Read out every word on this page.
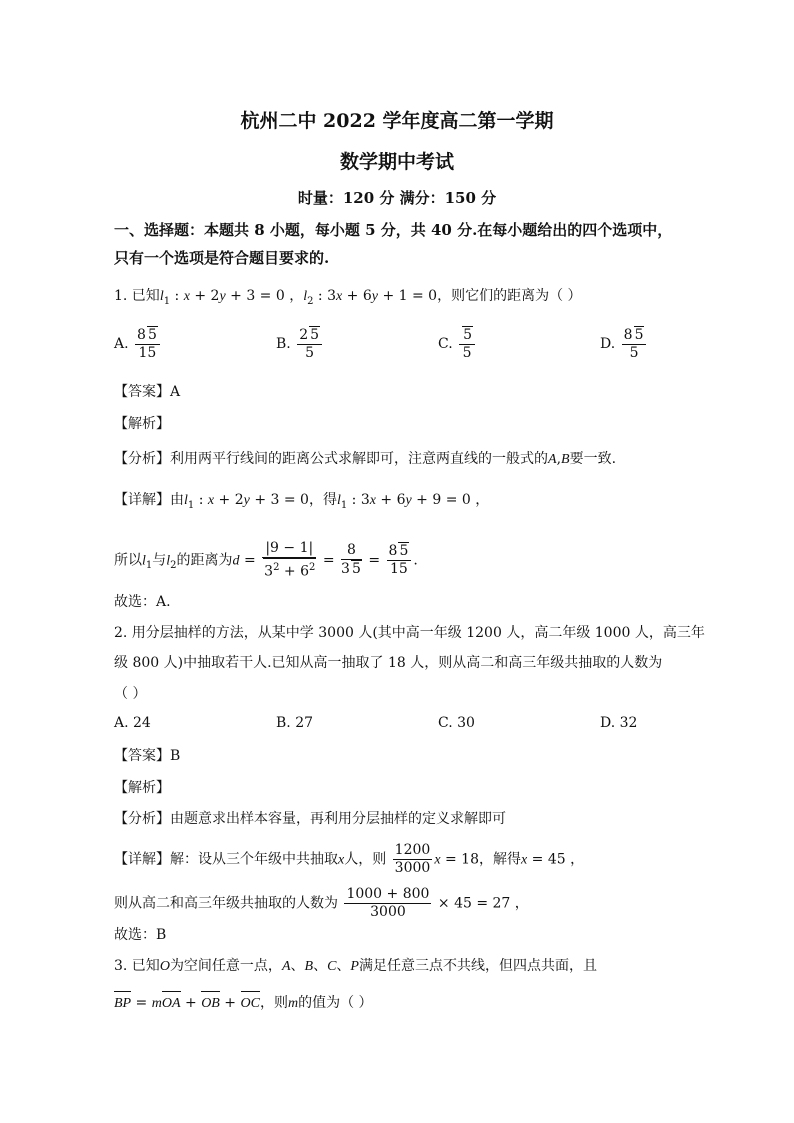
杭州二中 2022 学年度高二第一学期
数学期中考试
时量：120 分 满分：150 分
一、选择题：本题共 8 小题，每小题 5 分，共 40 分.在每小题给出的四个选项中，
只有一个选项是符合题目要求的.
1. 已知$l_1$ : x + 2y + 3 = 0 ，$l_2$ : 3x + 6y + 1 = 0，则它们的距离为（ ）
A. $\frac{8 5}{15}$	B. $\frac{2 5}{5}$	C. $\frac{5}{5}$	D. $\frac{8 5}{5}$
【答案】A
【解析】
【分析】利用两平行线间的距离公式求解即可，注意两直线的一般式的A,B要一致.
【详解】由$l_1$ : x + 2y + 3 = 0，得$l_1$ : 3x + 6y + 9 = 0 ，
所以$l_1$与$l_2$的距离为$d = \frac{|9 - 1|}{3^2 + 6^2} = \frac{8}{3 5} = \frac{8 5}{15}$ .
故选：A.
2. 用分层抽样的方法，从某中学 3000 人(其中高一年级 1200 人，高二年级 1000 人，高三年
级 800 人)中抽取若干人.已知从高一抽取了 18 人，则从高二和高三年级共抽取的人数为
（ ）
A. 24	B. 27	C. 30	D. 32
【答案】B
【解析】
【分析】由题意求出样本容量，再利用分层抽样的定义求解即可
【详解】解：设从三个年级中共抽取x人，则 $\frac{1200}{3000}$ x = 18，解得x = 45 ，
则从高二和高三年级共抽取的人数为 $\frac{1000 + 800}{3000} \times 45 = 27$ ，
故选：B
3. 已知O为空间任意一点，A、B、C、P满足任意三点不共线，但四点共面，且
BP = mOA + OB + OC，则m的值为（ ）
